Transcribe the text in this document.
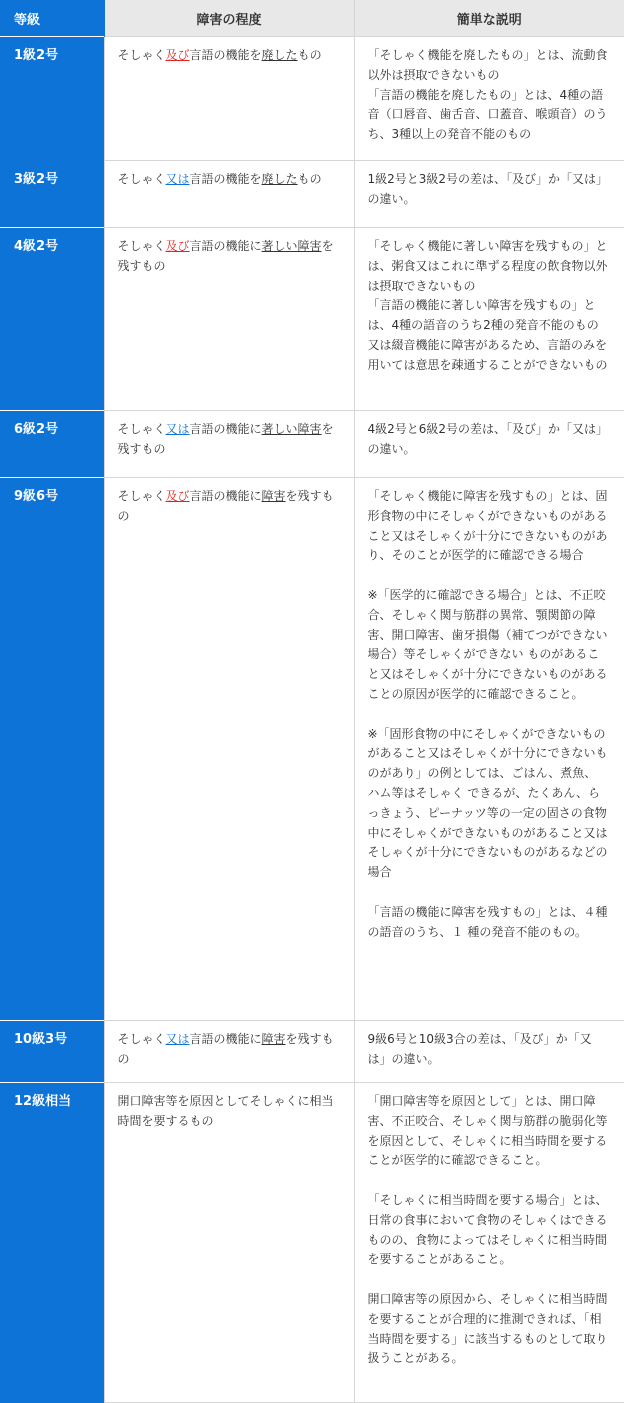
等級	障害の程度	簡単な説明
1級2号	そしゃく及び言語の機能を廃したもの	「そしゃく機能を廃したもの」とは、流動食以外は摂取できないもの
「言語の機能を廃したもの」とは、4種の語音（口唇音、歯舌音、口蓋音、喉頭音）のうち、3種以上の発音不能のもの

3級2号	そしゃく又は言語の機能を廃したもの	1級2号と3級2号の差は、「及び」か「又は」の違い。

4級2号	そしゃく及び言語の機能に著しい障害を残すもの	「そしゃく機能に著しい障害を残すもの」とは、粥食又はこれに準ずる程度の飲食物以外は摂取できないもの
「言語の機能に著しい障害を残すもの」とは、4種の語音のうち2種の発音不能のもの又は綴音機能に障害があるため、言語のみを用いては意思を疎通することができないもの

6級2号	そしゃく又は言語の機能に著しい障害を残すもの	4級2号と6級2号の差は、「及び」か「又は」の違い。

9級6号	そしゃく及び言語の機能に障害を残すもの	「そしゃく機能に障害を残すもの」とは、固形食物の中にそしゃくができないものがあること又はそしゃくが十分にできないものがあり、そのことが医学的に確認できる場合

※「医学的に確認できる場合」とは、不正咬合、そしゃく関与筋群の異常、顎関節の障害、開口障害、歯牙損傷（補てつができない場合）等そしゃくができない ものがあること又はそしゃくが十分にできないものがあることの原因が医学的に確認できること。

※「固形食物の中にそしゃくができないものがあること又はそしゃくが十分にできないものがあり」の例としては、ごはん、煮魚、ハム等はそしゃく できるが、たくあん、らっきょう、ピーナッツ等の一定の固さの食物中にそしゃくができないものがあること又はそしゃくが十分にできないものがあるなどの場合

「言語の機能に障害を残すもの」とは、４種の語音のうち、１ 種の発音不能のもの。

10級3号	そしゃく又は言語の機能に障害を残すもの	9級6号と10級3合の差は、「及び」か「又は」の違い。

12級相当	開口障害等を原因としてそしゃくに相当時間を要するもの	「開口障害等を原因として」とは、開口障害、不正咬合、そしゃく関与筋群の脆弱化等を原因として、そしゃくに相当時間を要することが医学的に確認できること。

「そしゃくに相当時間を要する場合」とは、日常の食事において食物のそしゃくはできるものの、食物によってはそしゃくに相当時間を要することがあること。

開口障害等の原因から、そしゃくに相当時間を要することが合理的に推測できれば、「相当時間を要する」に該当するものとして取り扱うことがある。
